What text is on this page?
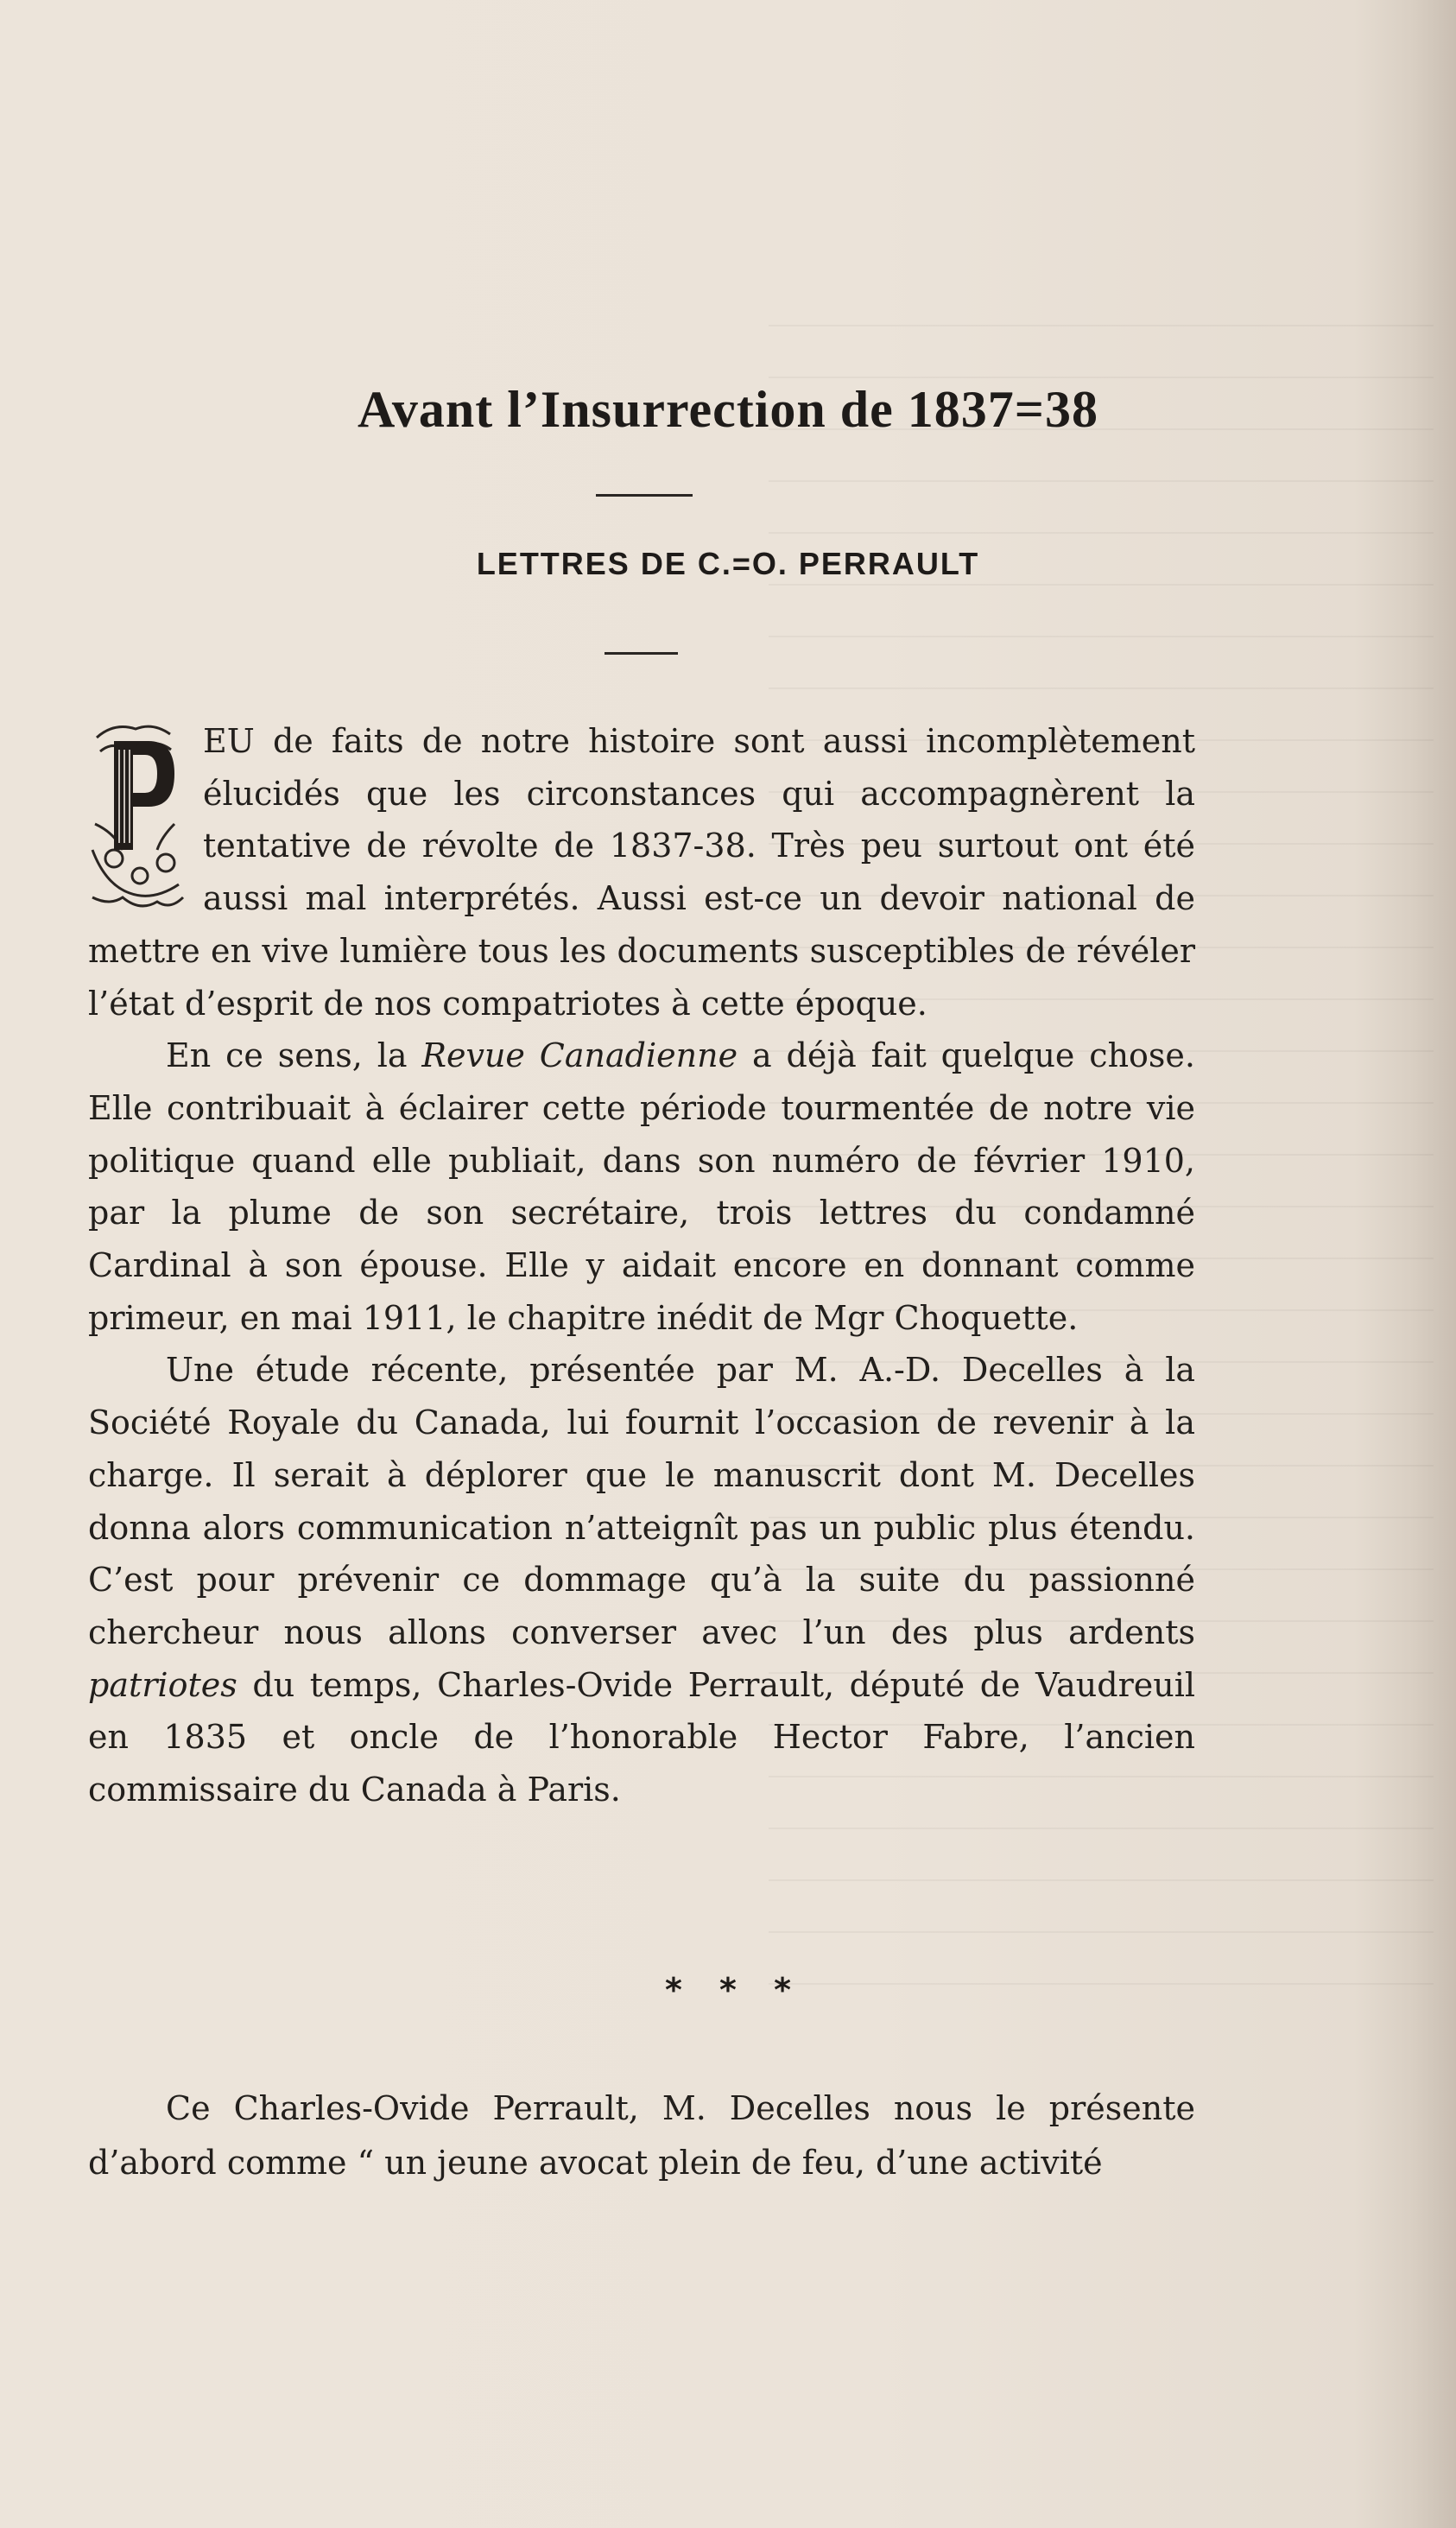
Avant l’Insurrection de 1837=38
LETTRES DE C.=O. PERRAULT

P EU de faits de notre histoire sont aussi incomplètement élucidés que les circonstances qui accompagnèrent la tentative de révolte de 1837-38. Très peu surtout ont été aussi mal interprétés. Aussi est-ce un devoir national de mettre en vive lumière tous les documents susceptibles de révéler l’état d’esprit de nos compatriotes à cette époque.

En ce sens, la Revue Canadienne a déjà fait quelque chose. Elle contribuait à éclairer cette période tourmentée de notre vie politique quand elle publiait, dans son numéro de février 1910, par la plume de son secrétaire, trois lettres du condamné Cardinal à son épouse. Elle y aidait encore en donnant comme primeur, en mai 1911, le chapitre inédit de Mgr Choquette.

Une étude récente, présentée par M. A.-D. Decelles à la Société Royale du Canada, lui fournit l’occasion de revenir à la charge. Il serait à déplorer que le manuscrit dont M. Decelles donna alors communication n’atteignît pas un public plus étendu. C’est pour prévenir ce dommage qu’à la suite du passionné chercheur nous allons converser avec l’un des plus ardents patriotes du temps, Charles-Ovide Perrault, député de Vaudreuil en 1835 et oncle de l’honorable Hector Fabre, l’ancien commissaire du Canada à Paris.

* * *

Ce Charles-Ovide Perrault, M. Decelles nous le présente d’abord comme “ un jeune avocat plein de feu, d’une activité
